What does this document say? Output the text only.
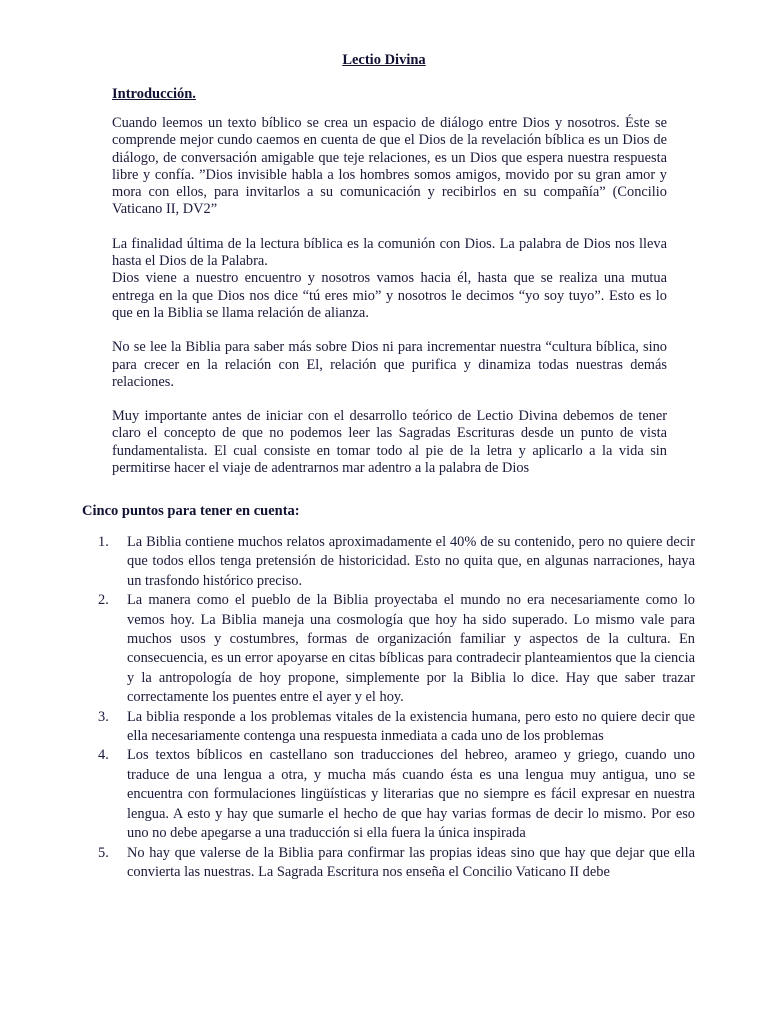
Lectio Divina
Introducción.

Cuando leemos un texto bíblico se crea un espacio de diálogo entre Dios y nosotros. Éste se comprende mejor cundo caemos en cuenta de que el Dios de la revelación bíblica es un Dios de diálogo, de conversación amigable que teje relaciones, es un Dios que espera nuestra respuesta libre y confía. ”Dios invisible habla a los hombres somos amigos, movido por su gran amor y mora con ellos, para invitarlos a su comunicación y recibirlos en su compañía” (Concilio Vaticano II, DV2”

La finalidad última de la lectura bíblica es la comunión con Dios. La palabra de Dios nos lleva hasta el Dios de la Palabra.
Dios viene a nuestro encuentro y nosotros vamos hacia él, hasta que se realiza una mutua entrega en la que Dios nos dice “tú eres mio” y nosotros le decimos “yo soy tuyo”. Esto es lo que en la Biblia se llama relación de alianza.

No se lee la Biblia para saber más sobre Dios ni para incrementar nuestra “cultura bíblica, sino para crecer en la relación con El, relación que purifica y dinamiza todas nuestras demás relaciones.

Muy importante antes de iniciar con el desarrollo teórico de Lectio Divina debemos de tener claro el concepto de que no podemos leer las Sagradas Escrituras desde un punto de vista fundamentalista. El cual consiste en tomar todo al pie de la letra y aplicarlo a la vida sin permitirse hacer el viaje de adentrarnos mar adentro a la palabra de Dios

Cinco puntos para tener en cuenta:
1.	La Biblia contiene muchos relatos aproximadamente el 40% de su contenido, pero no quiere decir que todos ellos tenga pretensión de historicidad. Esto no quita que, en algunas narraciones, haya un trasfondo histórico preciso.
2.	La manera como el pueblo de la Biblia proyectaba el mundo no era necesariamente como lo vemos hoy. La Biblia maneja una cosmología que hoy ha sido superado. Lo mismo vale para muchos usos y costumbres, formas de organización familiar y aspectos de la cultura. En consecuencia, es un error apoyarse en citas bíblicas para contradecir planteamientos que la ciencia y la antropología de hoy propone, simplemente por la Biblia lo dice. Hay que saber trazar correctamente los puentes entre el ayer y el hoy.
3.	La biblia responde a los problemas vitales de la existencia humana, pero esto no quiere decir que ella necesariamente contenga una respuesta inmediata a cada uno de los problemas
4.	Los textos bíblicos en castellano son traducciones del hebreo, arameo y griego, cuando uno traduce de una lengua a otra, y mucha más cuando ésta es una lengua muy antigua, uno se encuentra con formulaciones lingüísticas y literarias que no siempre es fácil expresar en nuestra lengua. A esto y hay que sumarle el hecho de que hay varias formas de decir lo mismo. Por eso uno no debe apegarse a una traducción si ella fuera la única inspirada
5.	No hay que valerse de la Biblia para confirmar las propias ideas sino que hay que dejar que ella convierta las nuestras. La Sagrada Escritura nos enseña el Concilio Vaticano II debe
